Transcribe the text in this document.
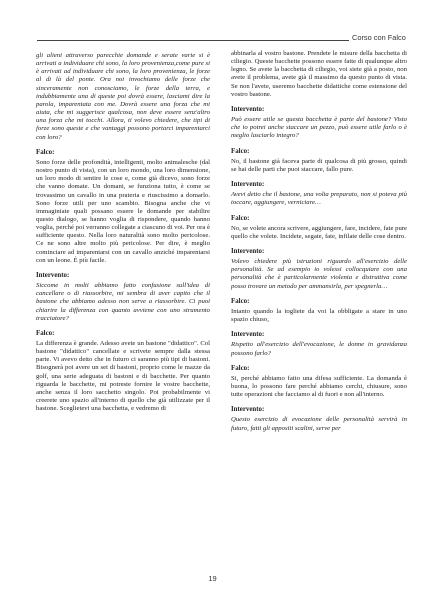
Corso con Falco

gli alieni attraverso parecchie domande e serate varie si è arrivati a individuare chi sono, la loro provenienza,come pure si è arrivati ad individuare chi sono, la loro provenienza, le forze al di là del ponte. Ora noi invochiamo delle forze che sinceramente non conosciamo, le forze della terra, e indubbiamente una di queste poi dovrà essere, lasciami dire la parola, imparentata con me. Dovrà essere una forza che mi aiuta, che mi suggerisce qualcosa, non deve essere senz'altro una forza che mi tocchi. Allora, ti volevo chiedere, che tipi di forze sono queste e che vantaggi possono portarci imparentarci con loro?

Falco:

Sono forze delle profondità, intelligenti, molto animalesche (dal nostro punto di vista), con un loro mondo, una loro dimensione, un loro modo di sentire le cose e, come già dicevo, sono forze che vanno domate. Un domani, se funziona tutto, è come se trovassimo un cavallo in una prateria e riuscissimo a domarlo. Sono forze utili per uno scambio. Bisogna anche che vi immaginiate quali possano essere le domande per stabilire questo dialogo, se hanno voglia di rispondere, quando hanno voglia, perché poi verranno collegate a ciascuno di voi. Per ora è sufficiente questo. Nella loro naturalità sono molto pericolose. Ce ne sono altre molto più pericolose. Per dire, è meglio cominciare ad imparentarsi con un cavallo anziché imparentarsi con un leone. È più facile.

Intervento:

Siccome in molti abbiamo fatto confusione sull'idea di cancellare o di riassorbire, mi sembra di aver capito che il bastone che abbiamo adesso non serve a riassorbire. Ci puoi chiarire la differenza con quanto avviene con uno strumento tracciatore?

Falco:

La differenza è grande. Adesso avete un bastone "didattico". Col bastone "didattico" cancellate e scrivete sempre dalla stessa parte. Vi avevo detto che in futuro ci saranno più tipi di bastoni. Bisognerà poi avere un set di bastoni, proprio come le mazze da golf, una serie adeguata di bastoni e di bacchette. Per quanto riguarda le bacchette, mi potreste fornire le vostre bacchette, anche senza il loro sacchetto singolo. Poi probabilmente vi creerete uno spazio all'interno di quello che già utilizzate per il bastone. Sceglietevi una bacchetta, e vedremo di

abbinarla al vostro bastone. Prendete le misure della bacchetta di ciliegio. Queste bacchette possono essere fatte di qualunque altro legno. Se avete la bacchetta di ciliegio, voi siete già a posto, non avete il problema, avete già il massimo da questo punto di vista. Se non l'avete, useremo bacchette didattiche come estensione del vostro bastone.

Intervento:

Può essere utile se questa bacchetta è parte del bastone? Visto che io potrei anche staccare un pezzo, può essere utile farlo o è meglio lasciarlo integro?

Falco:

No, il bastone già faceva parte di qualcosa di più grosso, quindi se hai delle parti che puoi staccare, fallo pure.

Intervento:

Avevi detto che il bastone, una volta preparato, non si poteva più toccare, aggiungere, verniciare…

Falco:

No, se volete ancora scrivere, aggiungere, fare, incidere, fate pure quello che volete. Incidete, segate, fate, infilate delle cose dentro.

Intervento:

Volevo chiedere più istruzioni riguardo all'esercizio delle personalità. Se ad esempio io volessi collocquiare con una personalità che è particolarmente violenta e distruttiva come posso trovare un metodo per ammansirla, per spegnerla…

Falco:

Intanto quando la togliete da voi la obbligate a stare in uno spazio chiuso,

Intervento:

Rispetto all'esercizio dell'evocazione, le donne in gravidanza possono farlo?

Falco:

Si, perché abbiamo fatto una difesa sufficiente. La domanda è buona, lo possono fare perché abbiamo cerchi, chiusure, sono tutte operazioni che facciamo al di fuori e non all'interno.

Intervento:

Questo esercizio di evocazione delle personalità servirà in futuro, fatti gli appositi scalini, serve per

19
